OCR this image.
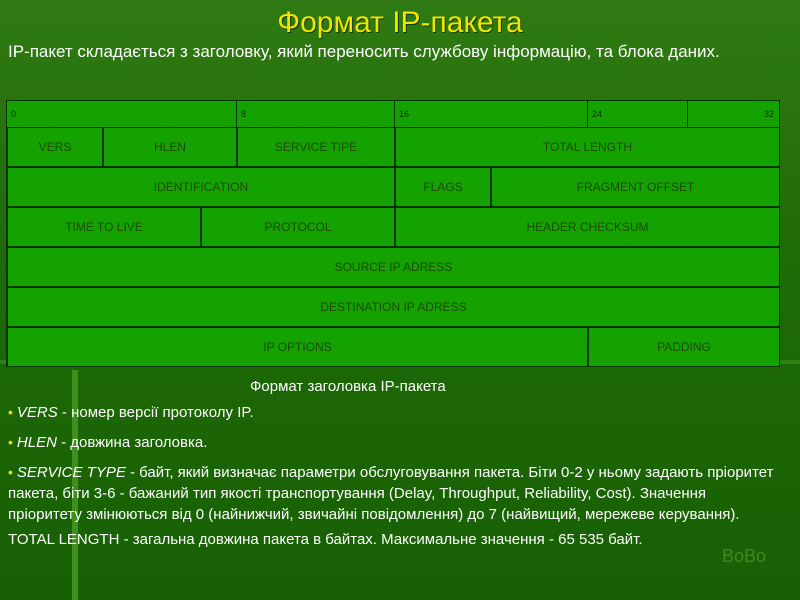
Формат IP-пакета
IP-пакет складається з заголовку, який переносить службову інформацію, та блока даних.
0	8	16	24	32
VERS	HLEN	SERVICE TIPE	TOTAL LENGTH
IDENTIFICATION	FLAGS	FRAGMENT OFFSET
TIME TO LIVE	PROTOCOL	HEADER CHECKSUM
SOURCE IP ADRESS
DESTINATION IP ADRESS
IP OPTIONS	PADDING
Формат заголовка IP-пакета

• VERS - номер версії протоколу IP.

• HLEN - довжина заголовка.

• SERVICE TYPE - байт, який визначає параметри обслуговування пакета. Біти 0-2 у ньому задають пріоритет пакета, біти 3-6 - бажаний тип якості транспортування (Delay, Throughput, Reliability, Cost). Значення пріоритету змінюються від 0 (найнижчий, звичайні повідомлення) до 7 (найвищий, мережеве керування).

TOTAL LENGTH - загальна довжина пакета в байтах. Максимальне значення - 65 535 байт.

BoBo
